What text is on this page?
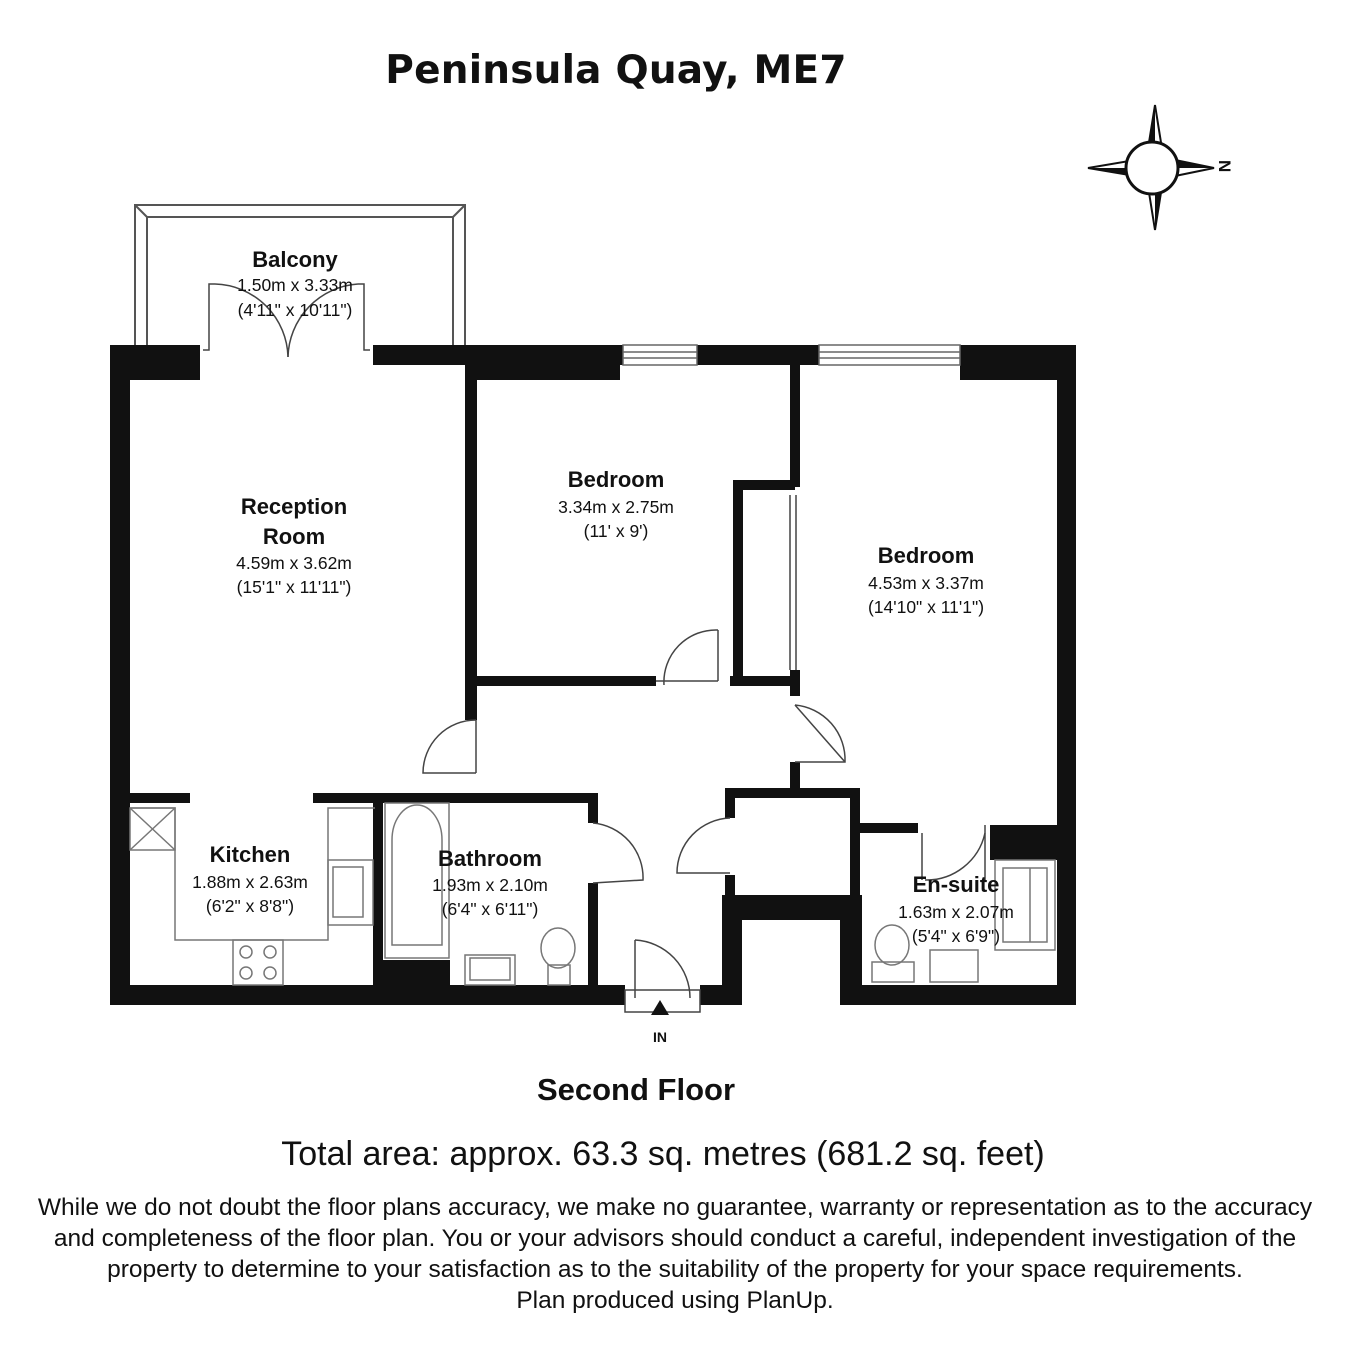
Peninsula Quay, ME7
N
IN
Balcony
1.50m x 3.33m
(4'11" x 10'11")
Reception
Room
4.59m x 3.62m
(15'1" x 11'11")
Bedroom
3.34m x 2.75m
(11' x 9')
Bedroom
4.53m x 3.37m
(14'10" x 11'1")
Kitchen
1.88m x 2.63m
(6'2" x 8'8")
Bathroom
1.93m x 2.10m
(6'4" x 6'11")
En-suite
1.63m x 2.07m
(5'4" x 6'9")
Second Floor
Total area: approx. 63.3 sq. metres (681.2 sq. feet)
While we do not doubt the floor plans accuracy, we make no guarantee, warranty or representation as to the accuracy and completeness of the floor plan. You or your advisors should conduct a careful, independent investigation of the property to determine to your satisfaction as to the suitability of the property for your space requirements.
Plan produced using PlanUp.
